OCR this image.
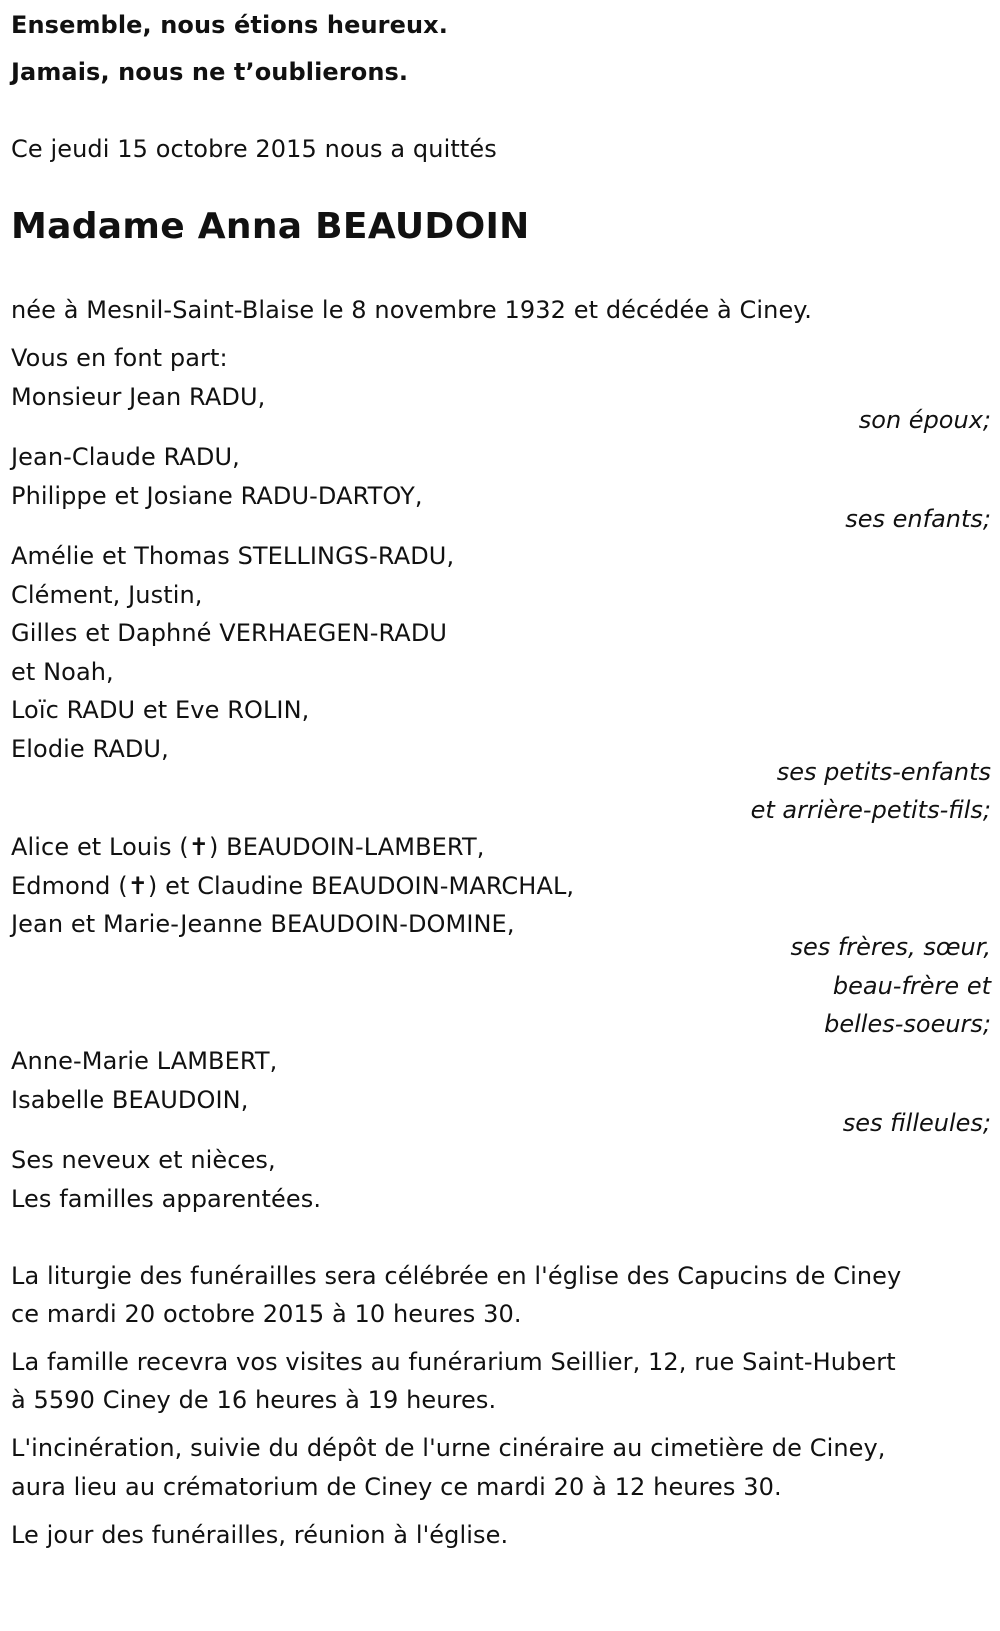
Ensemble, nous étions heureux.
Jamais, nous ne t’oublierons.
Ce jeudi 15 octobre 2015 nous a quittés
Madame Anna BEAUDOIN
née à Mesnil-Saint-Blaise le 8 novembre 1932 et décédée à Ciney.
Vous en font part:
Monsieur Jean RADU,
son époux;
Jean-Claude RADU,
Philippe et Josiane RADU-DARTOY,
ses enfants;
Amélie et Thomas STELLINGS-RADU,
Clément, Justin,
Gilles et Daphné VERHAEGEN-RADU
et Noah,
Loïc RADU et Eve ROLIN,
Elodie RADU,
ses petits-enfants
et arrière-petits-fils;
Alice et Louis (✝) BEAUDOIN-LAMBERT,
Edmond (✝) et Claudine BEAUDOIN-MARCHAL,
Jean et Marie-Jeanne BEAUDOIN-DOMINE,
ses frères, sœur,
beau-frère et
belles-soeurs;
Anne-Marie LAMBERT,
Isabelle BEAUDOIN,
ses filleules;
Ses neveux et nièces,
Les familles apparentées.
La liturgie des funérailles sera célébrée en l'église des Capucins de Ciney
ce mardi 20 octobre 2015 à 10 heures 30.
La famille recevra vos visites au funérarium Seillier, 12, rue Saint-Hubert
à 5590 Ciney de 16 heures à 19 heures.
L'incinération, suivie du dépôt de l'urne cinéraire au cimetière de Ciney,
aura lieu au crématorium de Ciney ce mardi 20 à 12 heures 30.
Le jour des funérailles, réunion à l'église.
